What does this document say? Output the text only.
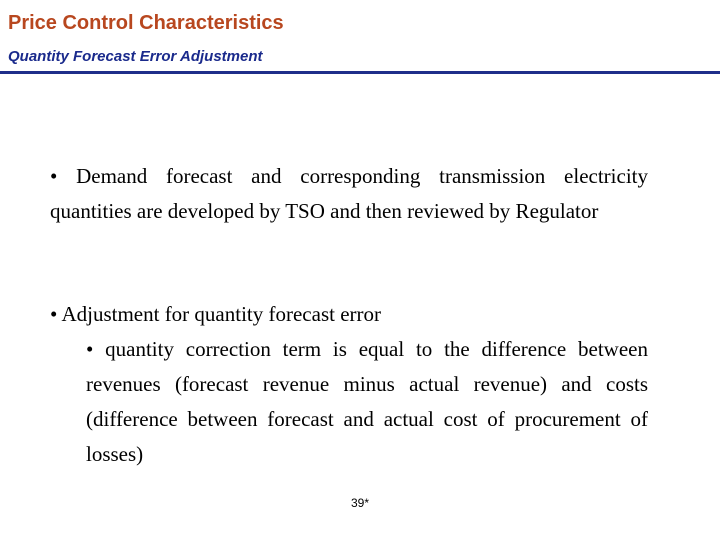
Price Control Characteristics
Quantity Forecast Error Adjustment

• Demand forecast and corresponding transmission electricity quantities are developed by TSO and then reviewed by Regulator

• Adjustment for quantity forecast error

• quantity correction term is equal to the difference between revenues (forecast revenue minus actual revenue) and costs (difference between forecast and actual cost of procurement of losses)

39*
